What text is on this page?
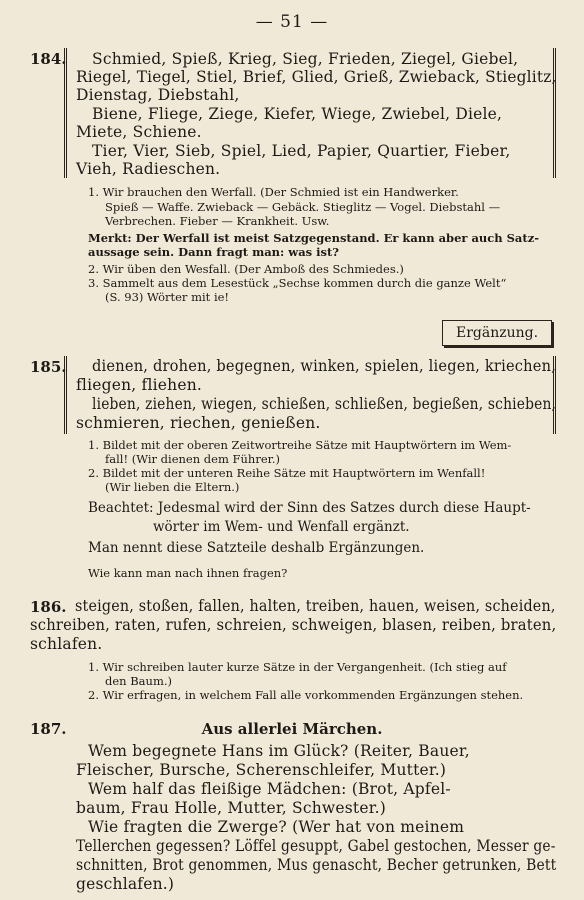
— 51 —
184. Schmied, Spieß, Krieg, Sieg, Frieden, Ziegel, Giebel,
Riegel, Tiegel, Stiel, Brief, Glied, Grieß, Zwieback, Stieglitz,
Dienstag, Diebstahl,
Biene, Fliege, Ziege, Kiefer, Wiege, Zwiebel, Diele,
Miete, Schiene.
Tier, Vier, Sieb, Spiel, Lied, Papier, Quartier, Fieber,
Vieh, Radieschen.
1. Wir brauchen den Werfall. (Der Schmied ist ein Handwerker.
Spieß — Waffe. Zwieback — Gebäck. Stieglitz — Vogel. Diebstahl —
Verbrechen. Fieber — Krankheit. Usw.
Merkt: Der Werfall ist meist Satzgegenstand. Er kann aber auch Satz-
aussage sein. Dann fragt man: was ist?
2. Wir üben den Wesfall. (Der Amboß des Schmiedes.)
3. Sammelt aus dem Lesestück „Sechse kommen durch die ganze Welt“
(S. 93) Wörter mit ie!
Ergänzung.
185. dienen, drohen, begegnen, winken, spielen, liegen, kriechen,
fliegen, fliehen.
lieben, ziehen, wiegen, schießen, schließen, begießen, schieben,
schmieren, riechen, genießen.
1. Bildet mit der oberen Zeitwortreihe Sätze mit Hauptwörtern im Wem-
fall! (Wir dienen dem Führer.)
2. Bildet mit der unteren Reihe Sätze mit Hauptwörtern im Wenfall!
(Wir lieben die Eltern.)
Beachtet: Jedesmal wird der Sinn des Satzes durch diese Haupt-
wörter im Wem- und Wenfall ergänzt.
Man nennt diese Satzteile deshalb Ergänzungen.
Wie kann man nach ihnen fragen?
186. steigen, stoßen, fallen, halten, treiben, hauen, weisen, scheiden,
schreiben, raten, rufen, schreien, schweigen, blasen, reiben, braten,
schlafen.
1. Wir schreiben lauter kurze Sätze in der Vergangenheit. (Ich stieg auf
den Baum.)
2. Wir erfragen, in welchem Fall alle vorkommenden Ergänzungen stehen.
187.	Aus allerlei Märchen.
Wem begegnete Hans im Glück? (Reiter, Bauer,
Fleischer, Bursche, Scherenschleifer, Mutter.)
Wem half das fleißige Mädchen: (Brot, Apfel-
baum, Frau Holle, Mutter, Schwester.)
Wie fragten die Zwerge? (Wer hat von meinem
Tellerchen gegessen? Löffel gesuppt, Gabel gestochen, Messer ge-
schnitten, Brot genommen, Mus genascht, Becher getrunken, Bett
geschlafen.)
